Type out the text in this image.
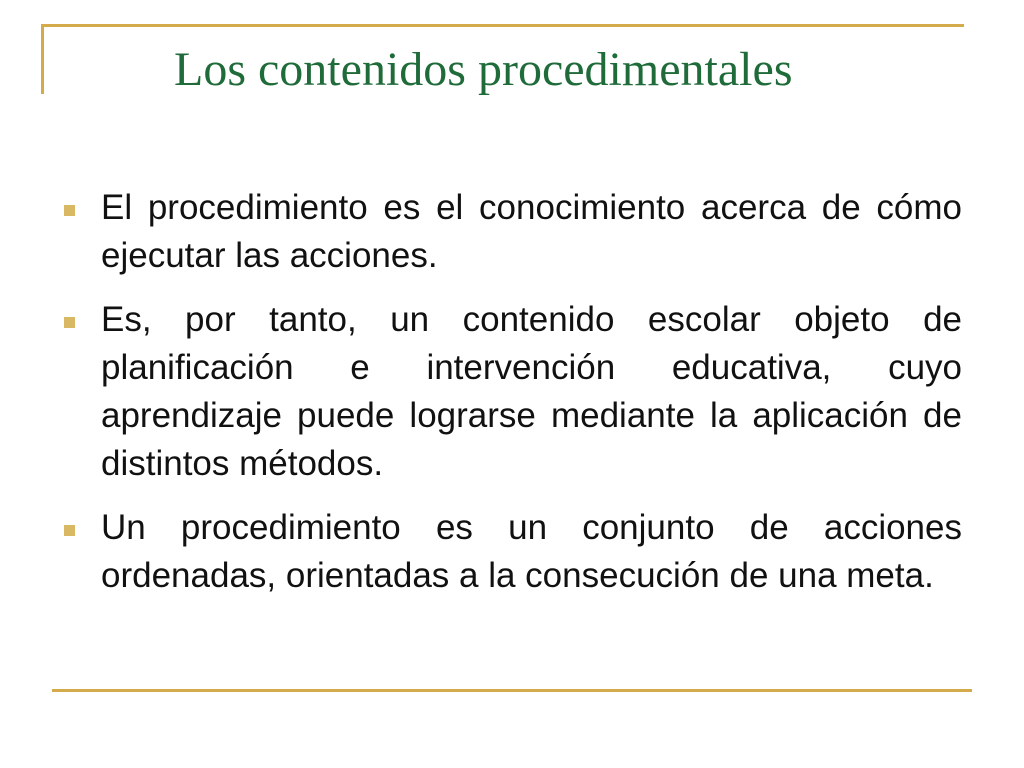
Los contenidos procedimentales
El procedimiento es el conocimiento acerca de cómo ejecutar las acciones.
Es, por tanto, un contenido escolar objeto de planificación e intervención educativa, cuyo aprendizaje puede lograrse mediante la aplicación de distintos métodos.
Un procedimiento es un conjunto de acciones ordenadas, orientadas a la consecución de una meta.
